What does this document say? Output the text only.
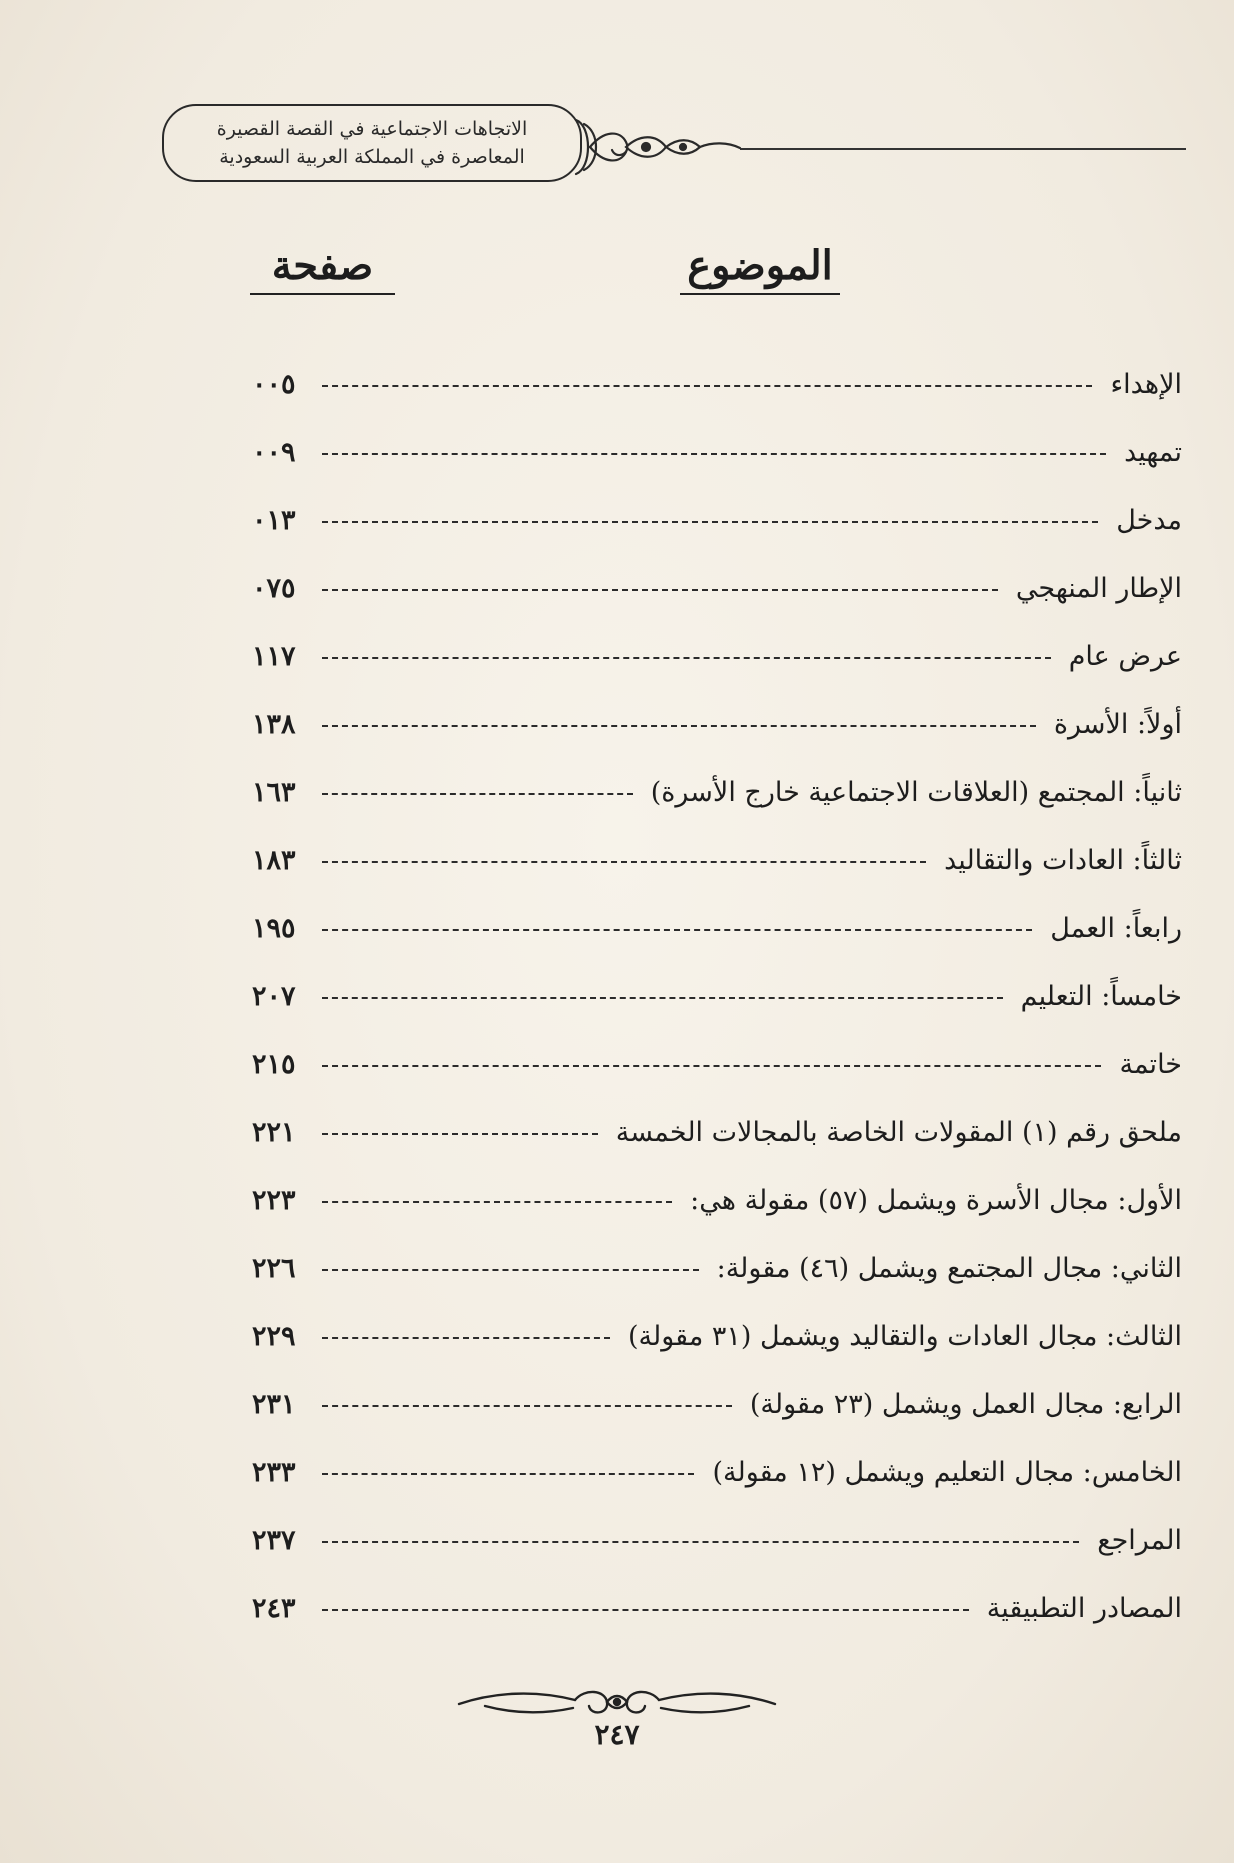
الاتجاهات الاجتماعية في القصة القصيرة
المعاصرة في المملكة العربية السعودية
الموضوع
صفحة
الإهداء
٠٠٥
تمهيد
٠٠٩
مدخل
٠١٣
الإطار المنهجي
٠٧٥
عرض عام
١١٧
أولاً: الأسرة
١٣٨
ثانياً: المجتمع (العلاقات الاجتماعية خارج الأسرة)
١٦٣
ثالثاً: العادات والتقاليد
١٨٣
رابعاً: العمل
١٩٥
خامساً: التعليم
٢٠٧
خاتمة
٢١٥
ملحق رقم (١) المقولات الخاصة بالمجالات الخمسة
٢٢١
الأول: مجال الأسرة ويشمل (٥٧) مقولة هي:
٢٢٣
الثاني: مجال المجتمع ويشمل (٤٦) مقولة:
٢٢٦
الثالث: مجال العادات والتقاليد ويشمل (٣١ مقولة)
٢٢٩
الرابع: مجال العمل ويشمل (٢٣ مقولة)
٢٣١
الخامس: مجال التعليم ويشمل (١٢ مقولة)
٢٣٣
المراجع
٢٣٧
المصادر التطبيقية
٢٤٣
٢٤٧
